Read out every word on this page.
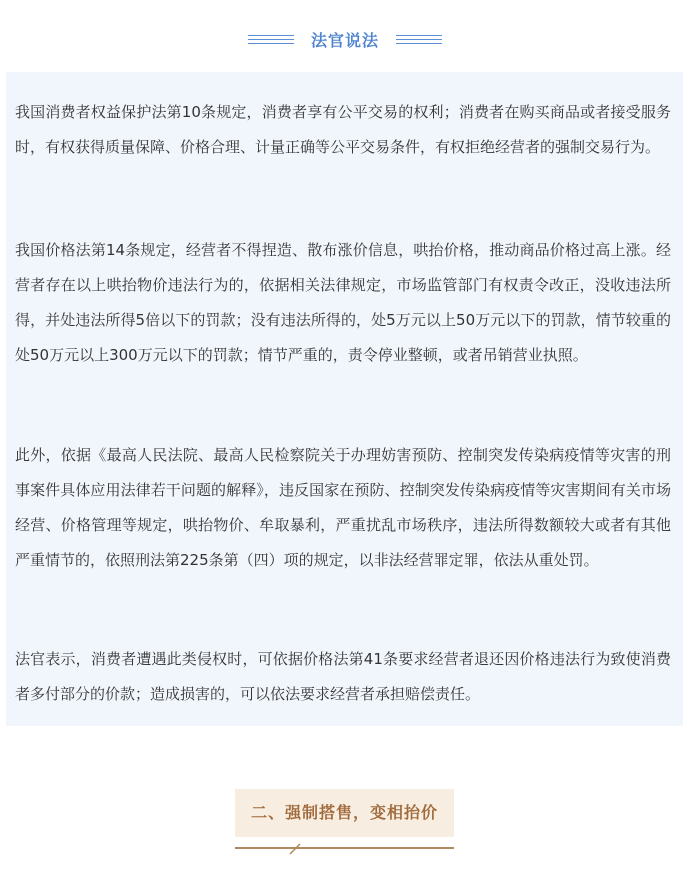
法官说法

我国消费者权益保护法第10条规定，消费者享有公平交易的权利；消费者在购买商品或者接受服务时，有权获得质量保障、价格合理、计量正确等公平交易条件，有权拒绝经营者的强制交易行为。

我国价格法第14条规定，经营者不得捏造、散布涨价信息，哄抬价格，推动商品价格过高上涨。经营者存在以上哄抬物价违法行为的，依据相关法律规定，市场监管部门有权责令改正，没收违法所得，并处违法所得5倍以下的罚款；没有违法所得的，处5万元以上50万元以下的罚款，情节较重的处50万元以上300万元以下的罚款；情节严重的，责令停业整顿，或者吊销营业执照。

此外，依据《最高人民法院、最高人民检察院关于办理妨害预防、控制突发传染病疫情等灾害的刑事案件具体应用法律若干问题的解释》，违反国家在预防、控制突发传染病疫情等灾害期间有关市场经营、价格管理等规定，哄抬物价、牟取暴利，严重扰乱市场秩序，违法所得数额较大或者有其他严重情节的，依照刑法第225条第（四）项的规定，以非法经营罪定罪，依法从重处罚。

法官表示，消费者遭遇此类侵权时，可依据价格法第41条要求经营者退还因价格违法行为致使消费者多付部分的价款；造成损害的，可以依法要求经营者承担赔偿责任。

二、强制搭售，变相抬价
